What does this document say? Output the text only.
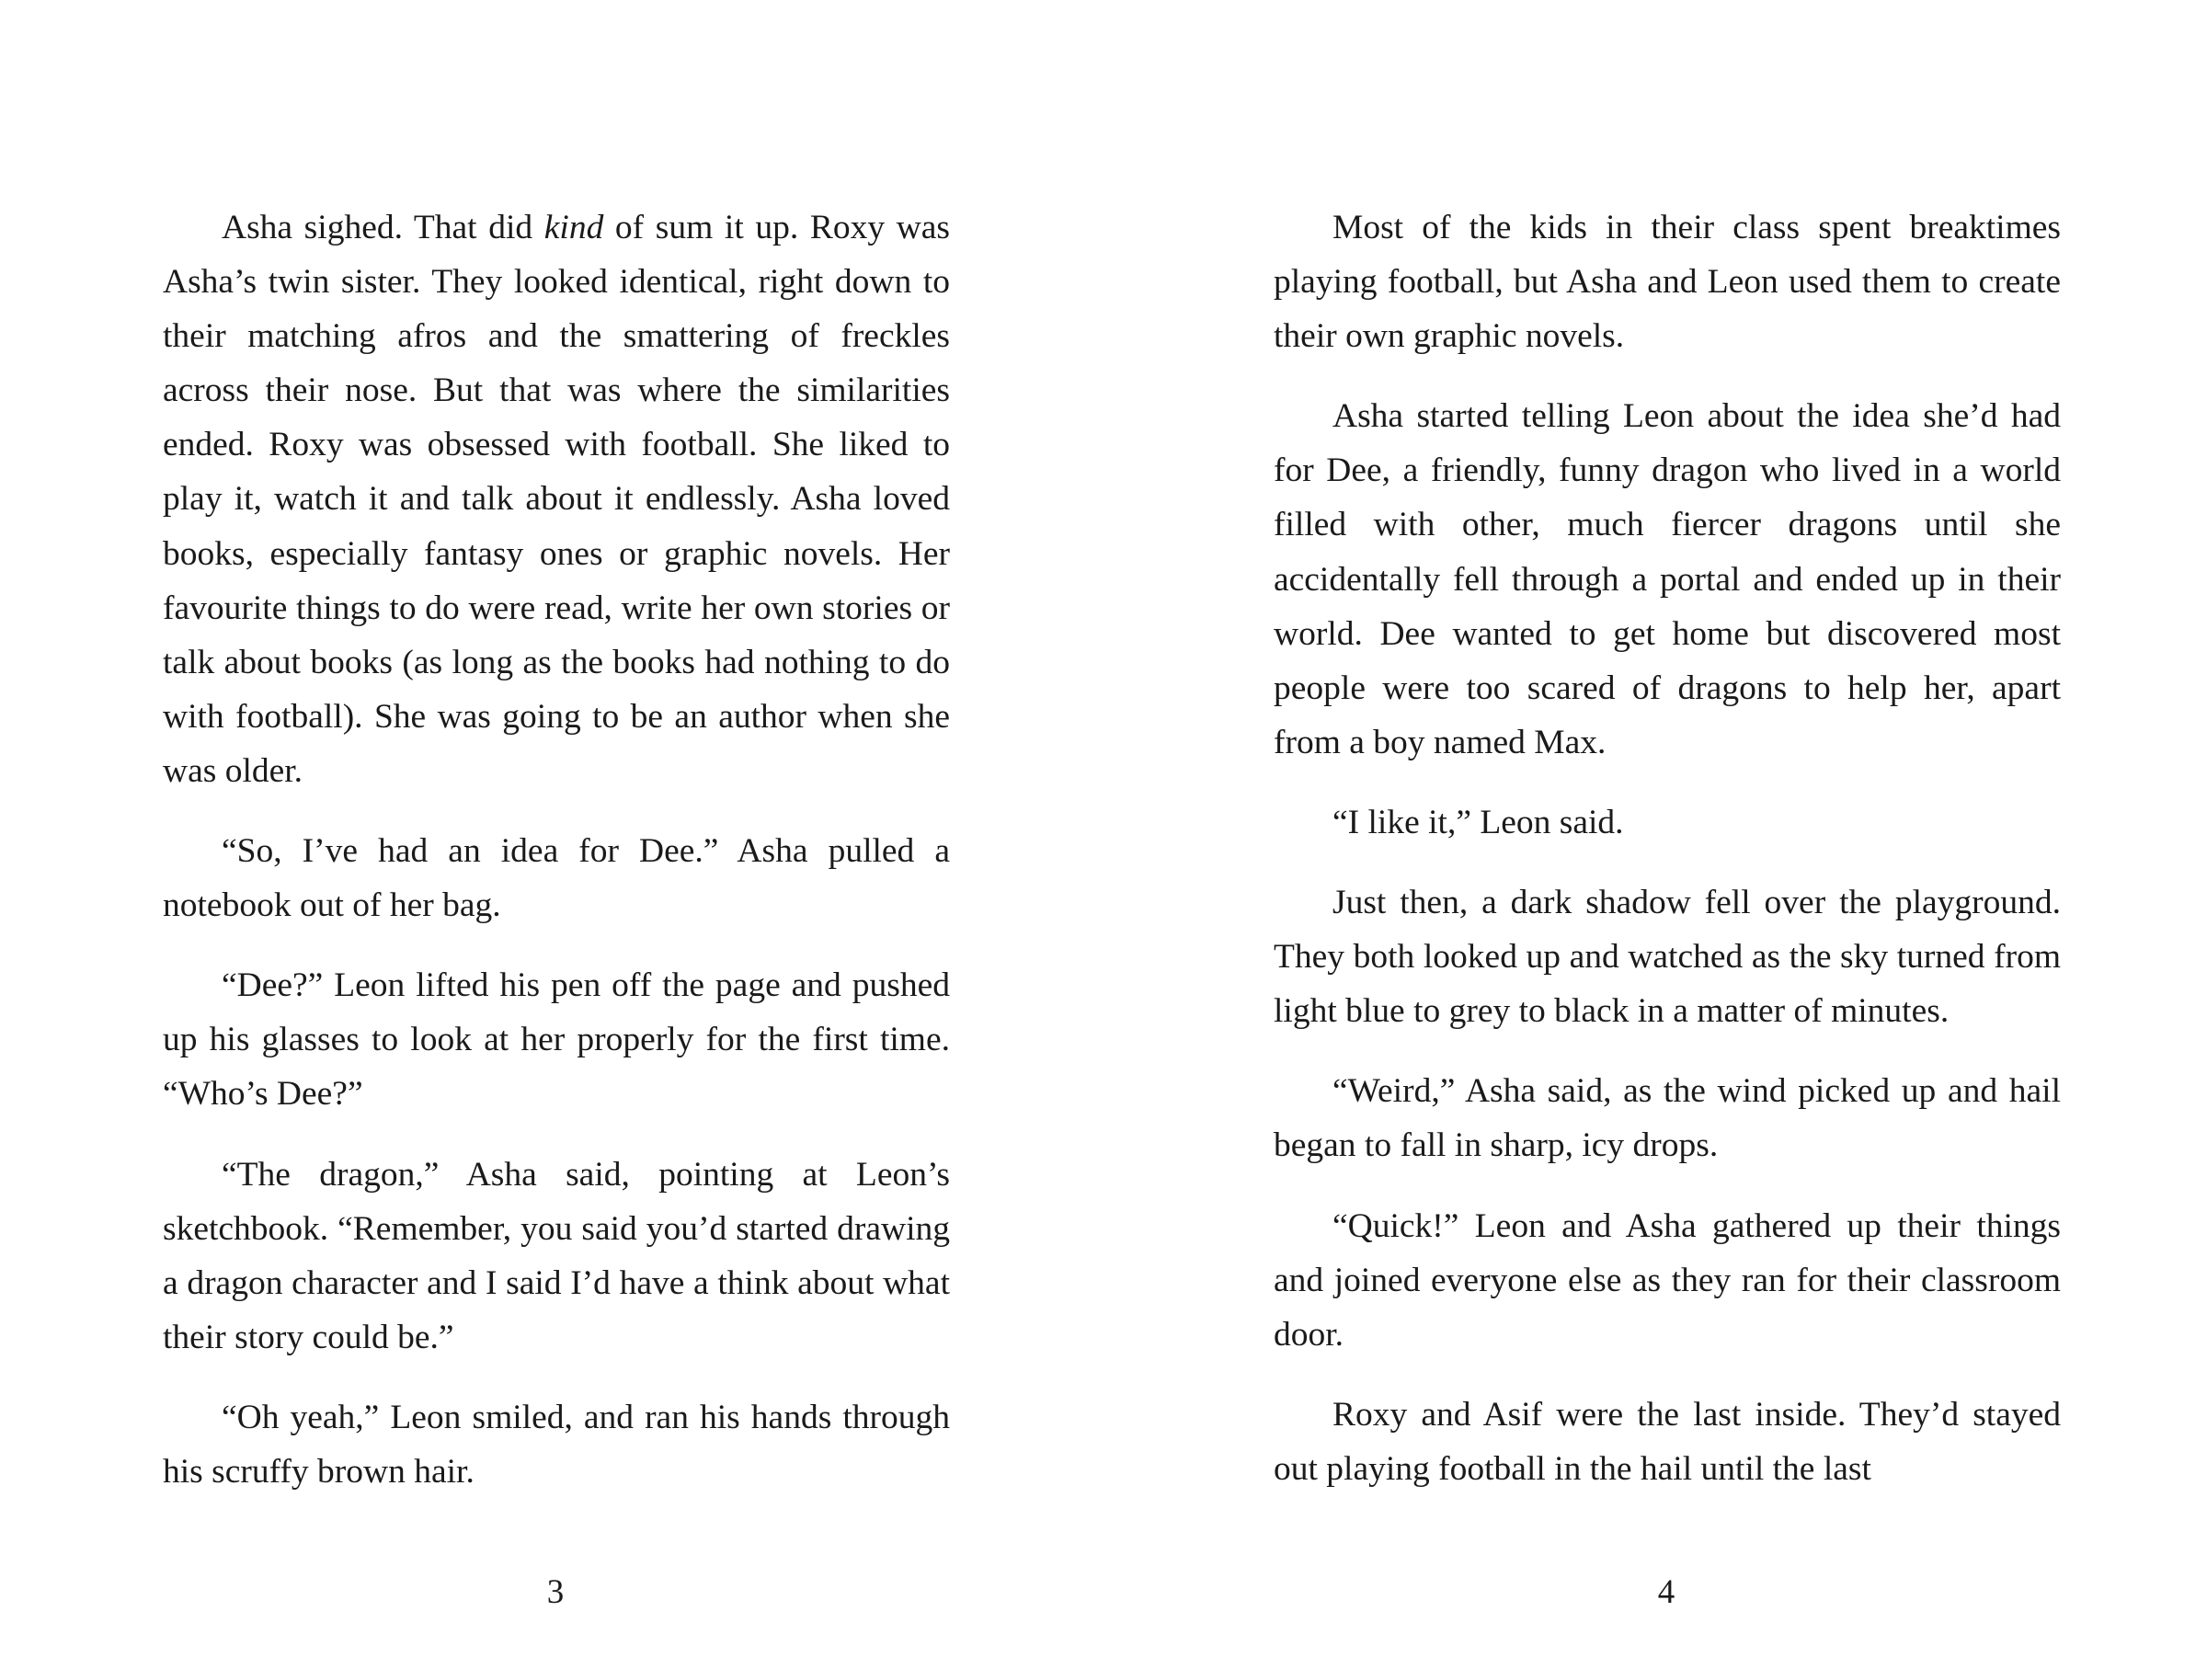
Asha sighed. That did kind of sum it up. Roxy was Asha’s twin sister. They looked identical, right down to their matching afros and the smattering of freckles across their nose. But that was where the similarities ended. Roxy was obsessed with football. She liked to play it, watch it and talk about it endlessly. Asha loved books, especially fantasy ones or graphic novels. Her favourite things to do were read, write her own stories or talk about books (as long as the books had nothing to do with football). She was going to be an author when she was older.

“So, I’ve had an idea for Dee.” Asha pulled a notebook out of her bag.

“Dee?” Leon lifted his pen off the page and pushed up his glasses to look at her properly for the first time. “Who’s Dee?”

“The dragon,” Asha said, pointing at Leon’s sketchbook. “Remember, you said you’d started drawing a dragon character and I said I’d have a think about what their story could be.”

“Oh yeah,” Leon smiled, and ran his hands through his scruffy brown hair.

Most of the kids in their class spent breaktimes playing football, but Asha and Leon used them to create their own graphic novels.

Asha started telling Leon about the idea she’d had for Dee, a friendly, funny dragon who lived in a world filled with other, much fiercer dragons until she accidentally fell through a portal and ended up in their world. Dee wanted to get home but discovered most people were too scared of dragons to help her, apart from a boy named Max.

“I like it,” Leon said.

Just then, a dark shadow fell over the playground. They both looked up and watched as the sky turned from light blue to grey to black in a matter of minutes.

“Weird,” Asha said, as the wind picked up and hail began to fall in sharp, icy drops.

“Quick!” Leon and Asha gathered up their things and joined everyone else as they ran for their classroom door.

Roxy and Asif were the last inside. They’d stayed out playing football in the hail until the last

3	4
